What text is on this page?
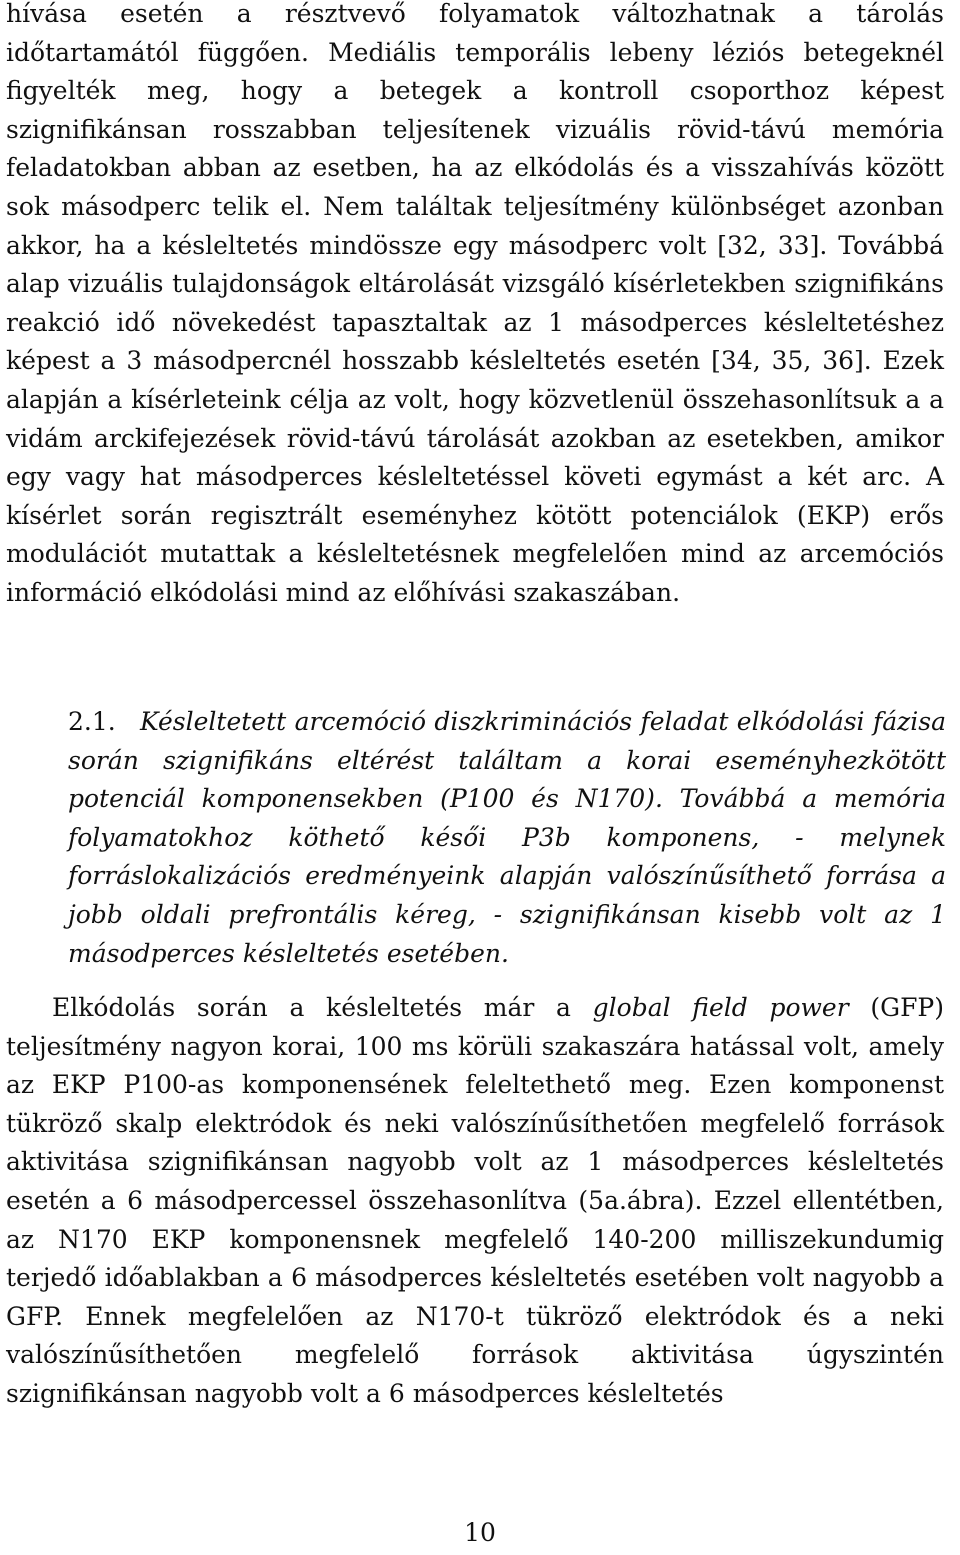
hívása esetén a résztvevő folyamatok változhatnak a tárolás időtartamától függően. Mediális temporális lebeny léziós betegeknél figyelték meg, hogy a betegek a kontroll csoporthoz képest szignifikánsan rosszabban teljesítenek vizuális rövid-távú memória feladatokban abban az esetben, ha az elkódolás és a visszahívás között sok másodperc telik el. Nem találtak teljesítmény különbséget azonban akkor, ha a késleltetés mindössze egy másodperc volt [32, 33]. Továbbá alap vizuális tulajdonságok eltárolását vizsgáló kísérletekben szignifikáns reakció idő növekedést tapasztaltak az 1 másodperces késleltetéshez képest a 3 másodpercnél hosszabb késleltetés esetén [34, 35, 36]. Ezek alapján a kísérleteink célja az volt, hogy közvetlenül összehasonlítsuk a a vidám arckifejezések rövid-távú tárolását azokban az esetekben, amikor egy vagy hat másodperces késleltetéssel követi egymást a két arc. A kísérlet során regisztrált eseményhez kötött potenciálok (EKP) erős modulációt mutattak a késleltetésnek megfelelően mind az arcemóciós információ elkódolási mind az előhívási szakaszában.

2.1. Késleltetett arcemóció diszkriminációs feladat elkódolási fázisa során szignifikáns eltérést találtam a korai eseményhezkötött potenciál komponensekben (P100 és N170). Továbbá a memória folyamatokhoz köthető késői P3b komponens, - melynek forráslokalizációs eredményeink alapján valószínűsíthető forrása a jobb oldali prefrontális kéreg, - szignifikánsan kisebb volt az 1 másodperces késleltetés esetében.

Elkódolás során a késleltetés már a global field power (GFP) teljesítmény nagyon korai, 100 ms körüli szakaszára hatással volt, amely az EKP P100-as komponensének feleltethető meg. Ezen komponenst tükröző skalp elektródok és neki valószínűsíthetően megfelelő források aktivitása szignifikánsan nagyobb volt az 1 másodperces késleltetés esetén a 6 másodpercessel összehasonlítva (5a.ábra). Ezzel ellentétben, az N170 EKP komponensnek megfelelő 140-200 milliszekundumig terjedő időablakban a 6 másodperces késleltetés esetében volt nagyobb a GFP. Ennek megfelelően az N170-t tükröző elektródok és a neki valószínűsíthetően megfelelő források aktivitása úgyszintén szignifikánsan nagyobb volt a 6 másodperces késleltetés

10
